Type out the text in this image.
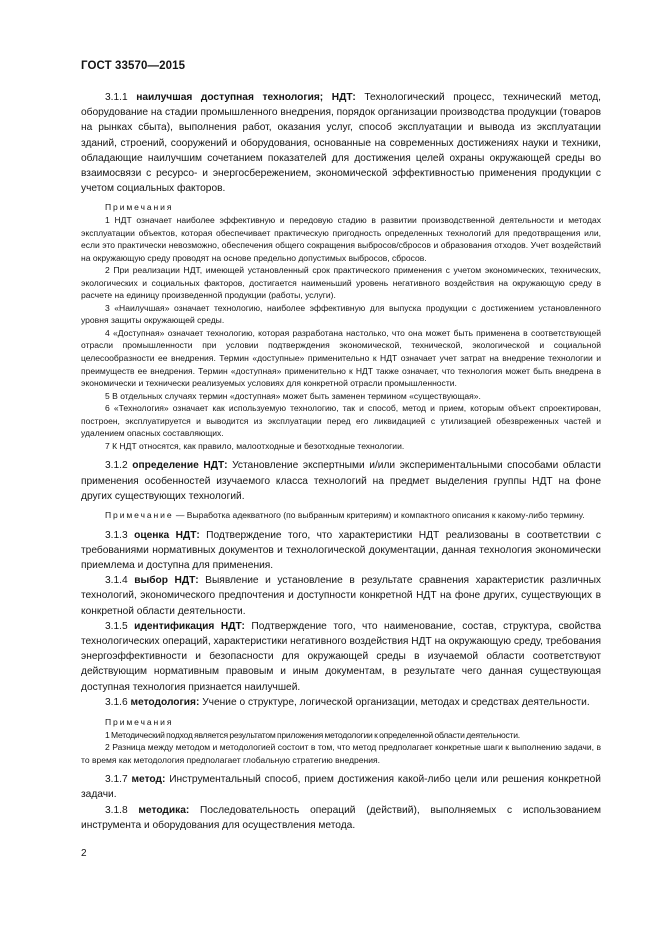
ГОСТ 33570—2015

3.1.1 наилучшая доступная технология; НДТ: Технологический процесс, технический метод, оборудование на стадии промышленного внедрения, порядок организации производства продукции (товаров на рынках сбыта), выполнения работ, оказания услуг, способ эксплуатации и вывода из эксплуатации зданий, строений, сооружений и оборудования, основанные на современных достижениях науки и техники, обладающие наилучшим сочетанием показателей для достижения целей охраны окружающей среды во взаимосвязи с ресурсо- и энергосбережением, экономической эффективностью применения продукции с учетом социальных факторов.

Примечания

1 НДТ означает наиболее эффективную и передовую стадию в развитии производственной деятельности и методах эксплуатации объектов, которая обеспечивает практическую пригодность определенных технологий для предотвращения или, если это практически невозможно, обеспечения общего сокращения выбросов/сбросов и образования отходов. Учет воздействий на окружающую среду проводят на основе предельно допустимых выбросов, сбросов.

2 При реализации НДТ, имеющей установленный срок практического применения с учетом экономических, технических, экологических и социальных факторов, достигается наименьший уровень негативного воздействия на окружающую среду в расчете на единицу произведенной продукции (работы, услуги).

3 «Наилучшая» означает технологию, наиболее эффективную для выпуска продукции с достижением установленного уровня защиты окружающей среды.

4 «Доступная» означает технологию, которая разработана настолько, что она может быть применена в соответствующей отрасли промышленности при условии подтверждения экономической, технической, экологической и социальной целесообразности ее внедрения. Термин «доступные» применительно к НДТ означает учет затрат на внедрение технологии и преимуществ ее внедрения. Термин «доступная» применительно к НДТ также означает, что технология может быть внедрена в экономически и технически реализуемых условиях для конкретной отрасли промышленности.

5 В отдельных случаях термин «доступная» может быть заменен термином «существующая».

6 «Технология» означает как используемую технологию, так и способ, метод и прием, которым объект спроектирован, построен, эксплуатируется и выводится из эксплуатации перед его ликвидацией с утилизацией обезвреженных частей и удалением опасных составляющих.

7 К НДТ относятся, как правило, малоотходные и безотходные технологии.

3.1.2 определение НДТ: Установление экспертными и/или экспериментальными способами области применения особенностей изучаемого класса технологий на предмет выделения группы НДТ на фоне других существующих технологий.

Примечание — Выработка адекватного (по выбранным критериям) и компактного описания к какому-либо термину.

3.1.3 оценка НДТ: Подтверждение того, что характеристики НДТ реализованы в соответствии с требованиями нормативных документов и технологической документации, данная технология экономически приемлема и доступна для применения.

3.1.4 выбор НДТ: Выявление и установление в результате сравнения характеристик различных технологий, экономического предпочтения и доступности конкретной НДТ на фоне других, существующих в конкретной области деятельности.

3.1.5 идентификация НДТ: Подтверждение того, что наименование, состав, структура, свойства технологических операций, характеристики негативного воздействия НДТ на окружающую среду, требования энергоэффективности и безопасности для окружающей среды в изучаемой области соответствуют действующим нормативным правовым и иным документам, в результате чего данная существующая доступная технология признается наилучшей.

3.1.6 методология: Учение о структуре, логической организации, методах и средствах деятельности.

Примечания

1 Методический подход является результатом приложения методологии к определенной области деятельности.

2 Разница между методом и методологией состоит в том, что метод предполагает конкретные шаги к выполнению задачи, в то время как методология предполагает глобальную стратегию внедрения.

3.1.7 метод: Инструментальный способ, прием достижения какой-либо цели или решения конкретной задачи.

3.1.8 методика: Последовательность операций (действий), выполняемых с использованием инструмента и оборудования для осуществления метода.

2
